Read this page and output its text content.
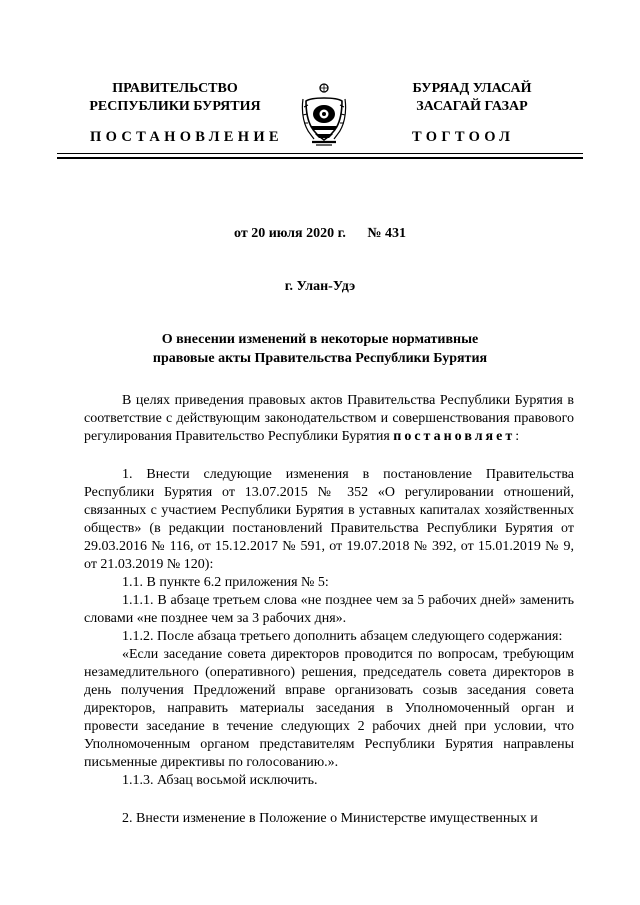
ПРАВИТЕЛЬСТВО
РЕСПУБЛИКИ БУРЯТИЯ
БУРЯАД УЛАСАЙ
ЗАСАГАЙ ГАЗАР
ПОСТАНОВЛЕНИЕ	ТОГТООЛ
от 20 июля 2020 г. № 431
г. Улан-Удэ
О внесении изменений в некоторые нормативные
правовые акты Правительства Республики Бурятия

В целях приведения правовых актов Правительства Республики Бурятия в соответствие с действующим законодательством и совершенствования правового регулирования Правительство Республики Бурятия постановляет:

1. Внести следующие изменения в постановление Правительства Республики Бурятия от 13.07.2015 № 352 «О регулировании отношений, связанных с участием Республики Бурятия в уставных капиталах хозяйственных обществ» (в редакции постановлений Правительства Республики Бурятия от 29.03.2016 № 116, от 15.12.2017 № 591, от 19.07.2018 № 392, от 15.01.2019 № 9, от 21.03.2019 № 120):

1.1. В пункте 6.2 приложения № 5:

1.1.1. В абзаце третьем слова «не позднее чем за 5 рабочих дней» заменить словами «не позднее чем за 3 рабочих дня».

1.1.2. После абзаца третьего дополнить абзацем следующего содержания:

«Если заседание совета директоров проводится по вопросам, требующим незамедлительного (оперативного) решения, председатель совета директоров в день получения Предложений вправе организовать созыв заседания совета директоров, направить материалы заседания в Уполномоченный орган и провести заседание в течение следующих 2 рабочих дней при условии, что Уполномоченным органом представителям Республики Бурятия направлены письменные директивы по голосованию.».

1.1.3. Абзац восьмой исключить.

2. Внести изменение в Положение о Министерстве имущественных и
